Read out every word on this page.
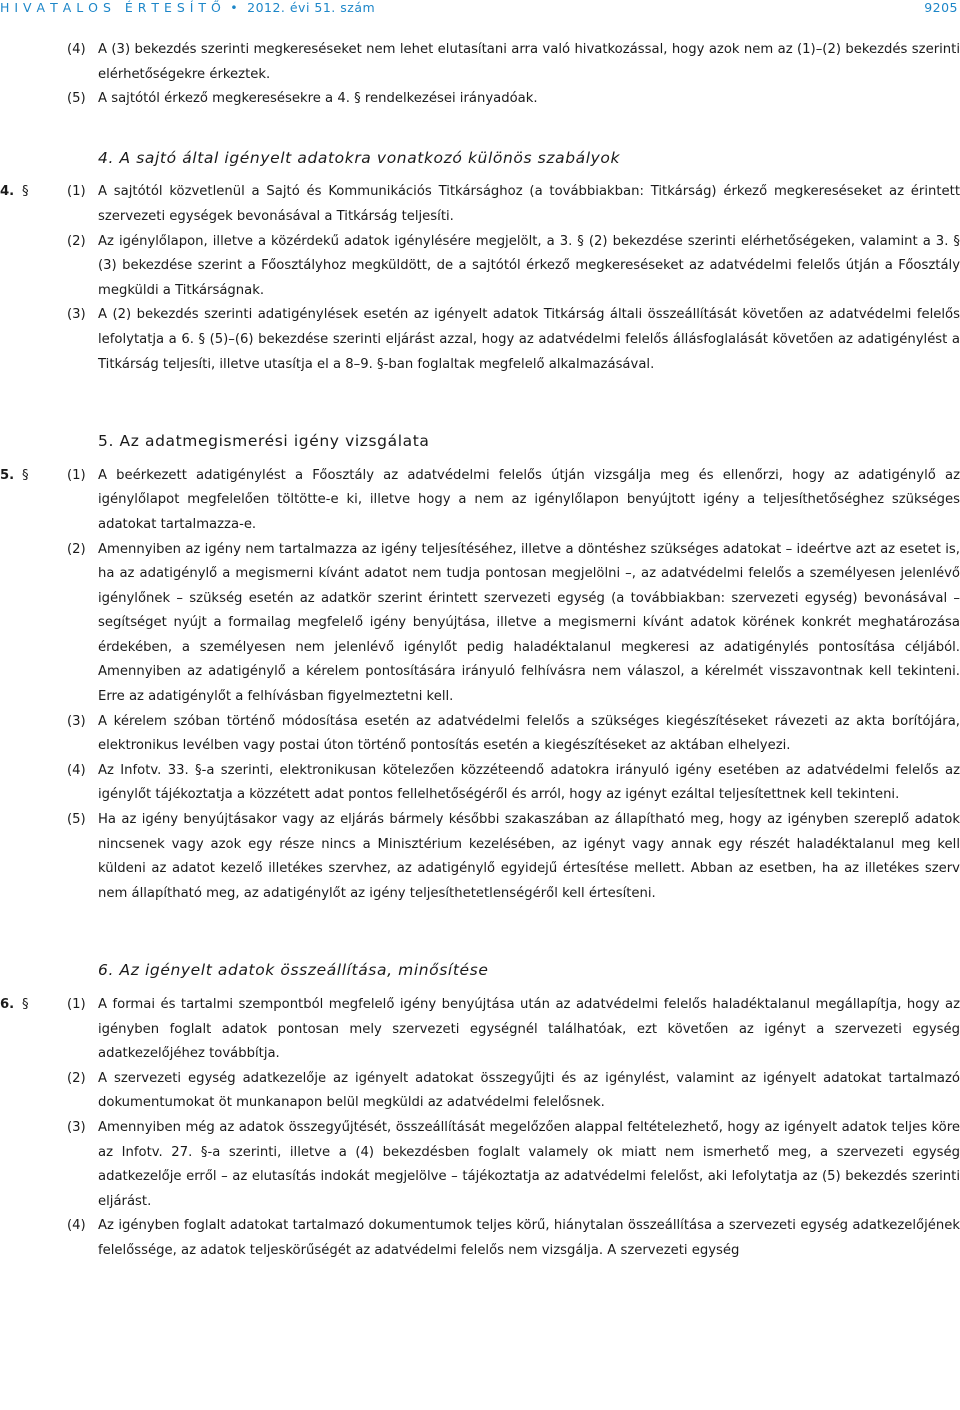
H I V A T A L O S   É R T E S Í T Ő  •  2012. évi 51. szám	9205
(4) A (3) bekezdés szerinti megkereséseket nem lehet elutasítani arra való hivatkozással, hogy azok nem az (1)–(2) bekezdés szerinti elérhetőségekre érkeztek.
(5) A sajtótól érkező megkeresésekre a 4. § rendelkezései irányadóak.
4. A sajtó által igényelt adatokra vonatkozó különös szabályok
4. §	(1) A sajtótól közvetlenül a Sajtó és Kommunikációs Titkársághoz (a továbbiakban: Titkárság) érkező megkereséseket az érintett szervezeti egységek bevonásával a Titkárság teljesíti.
(2) Az igénylőlapon, illetve a közérdekű adatok igénylésére megjelölt, a 3. § (2) bekezdése szerinti elérhetőségeken, valamint a 3. § (3) bekezdése szerint a Főosztályhoz megküldött, de a sajtótól érkező megkereséseket az adatvédelmi felelős útján a Főosztály megküldi a Titkárságnak.
(3) A (2) bekezdés szerinti adatigénylések esetén az igényelt adatok Titkárság általi összeállítását követően az adatvédelmi felelős lefolytatja a 6. § (5)–(6) bekezdése szerinti eljárást azzal, hogy az adatvédelmi felelős állásfoglalását követően az adatigénylést a Titkárság teljesíti, illetve utasítja el a 8–9. §-ban foglaltak megfelelő alkalmazásával.
5. Az adatmegismerési igény vizsgálata
5. §	(1) A beérkezett adatigénylést a Főosztály az adatvédelmi felelős útján vizsgálja meg és ellenőrzi, hogy az adatigénylő az igénylőlapot megfelelően töltötte-e ki, illetve hogy a nem az igénylőlapon benyújtott igény a teljesíthetőséghez szükséges adatokat tartalmazza-e.
(2) Amennyiben az igény nem tartalmazza az igény teljesítéséhez, illetve a döntéshez szükséges adatokat – ideértve azt az esetet is, ha az adatigénylő a megismerni kívánt adatot nem tudja pontosan megjelölni –, az adatvédelmi felelős a személyesen jelenlévő igénylőnek – szükség esetén az adatkör szerint érintett szervezeti egység (a továbbiakban: szervezeti egység) bevonásával – segítséget nyújt a formailag megfelelő igény benyújtása, illetve a megismerni kívánt adatok körének konkrét meghatározása érdekében, a személyesen nem jelenlévő igénylőt pedig haladéktalanul megkeresi az adatigénylés pontosítása céljából. Amennyiben az adatigénylő a kérelem pontosítására irányuló felhívásra nem válaszol, a kérelmét visszavontnak kell tekinteni. Erre az adatigénylőt a felhívásban figyelmeztetni kell.
(3) A kérelem szóban történő módosítása esetén az adatvédelmi felelős a szükséges kiegészítéseket rávezeti az akta borítójára, elektronikus levélben vagy postai úton történő pontosítás esetén a kiegészítéseket az aktában elhelyezi.
(4) Az Infotv. 33. §-a szerinti, elektronikusan kötelezően közzéteendő adatokra irányuló igény esetében az adatvédelmi felelős az igénylőt tájékoztatja a közzétett adat pontos fellelhetőségéről és arról, hogy az igényt ezáltal teljesítettnek kell tekinteni.
(5) Ha az igény benyújtásakor vagy az eljárás bármely későbbi szakaszában az állapítható meg, hogy az igényben szereplő adatok nincsenek vagy azok egy része nincs a Minisztérium kezelésében, az igényt vagy annak egy részét haladéktalanul meg kell küldeni az adatot kezelő illetékes szervhez, az adatigénylő egyidejű értesítése mellett. Abban az esetben, ha az illetékes szerv nem állapítható meg, az adatigénylőt az igény teljesíthetetlenségéről kell értesíteni.
6. Az igényelt adatok összeállítása, minősítése
6. §	(1) A formai és tartalmi szempontból megfelelő igény benyújtása után az adatvédelmi felelős haladéktalanul megállapítja, hogy az igényben foglalt adatok pontosan mely szervezeti egységnél találhatóak, ezt követően az igényt a szervezeti egység adatkezelőjéhez továbbítja.
(2) A szervezeti egység adatkezelője az igényelt adatokat összegyűjti és az igénylést, valamint az igényelt adatokat tartalmazó dokumentumokat öt munkanapon belül megküldi az adatvédelmi felelősnek.
(3) Amennyiben még az adatok összegyűjtését, összeállítását megelőzően alappal feltételezhető, hogy az igényelt adatok teljes köre az Infotv. 27. §-a szerinti, illetve a (4) bekezdésben foglalt valamely ok miatt nem ismerhető meg, a szervezeti egység adatkezelője erről – az elutasítás indokát megjelölve – tájékoztatja az adatvédelmi felelőst, aki lefolytatja az (5) bekezdés szerinti eljárást.
(4) Az igényben foglalt adatokat tartalmazó dokumentumok teljes körű, hiánytalan összeállítása a szervezeti egység adatkezelőjének felelőssége, az adatok teljeskörűségét az adatvédelmi felelős nem vizsgálja. A szervezeti egység
